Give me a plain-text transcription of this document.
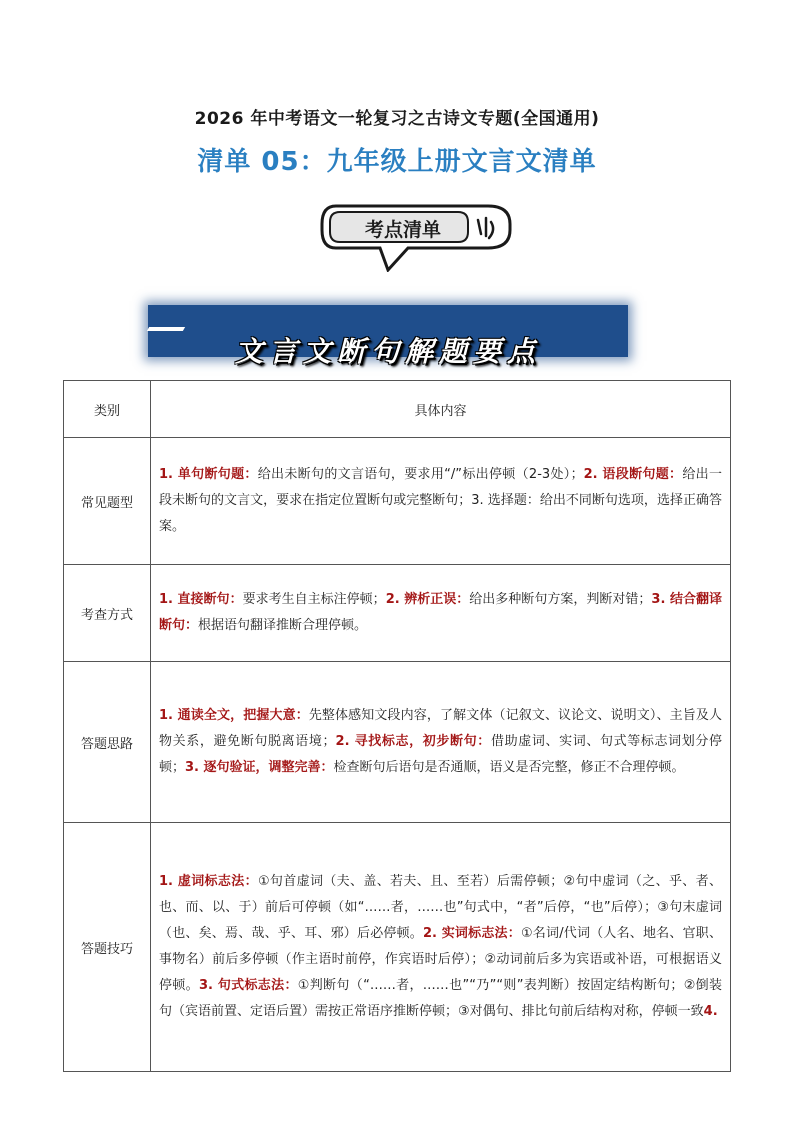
2026 年中考语文一轮复习之古诗文专题(全国通用)
清单 05：九年级上册文言文清单
考点清单
文言文断句解题要点
类别	具体内容
常见题型	1. 单句断句题：给出未断句的文言语句，要求用“/”标出停顿（2-3处）；2. 语段断句题：给出一段未断句的文言文，要求在指定位置断句或完整断句；3. 选择题：给出不同断句选项，选择正确答案。
考查方式	1. 直接断句：要求考生自主标注停顿；2. 辨析正误：给出多种断句方案，判断对错；3. 结合翻译断句：根据语句翻译推断合理停顿。
答题思路	1. 通读全文，把握大意：先整体感知文段内容，了解文体（记叙文、议论文、说明文）、主旨及人物关系，避免断句脱离语境；2. 寻找标志，初步断句：借助虚词、实词、句式等标志词划分停顿；3. 逐句验证，调整完善：检查断句后语句是否通顺，语义是否完整，修正不合理停顿。
答题技巧	1. 虚词标志法：①句首虚词（夫、盖、若夫、且、至若）后需停顿；②句中虚词（之、乎、者、也、而、以、于）前后可停顿（如“……者，……也”句式中，“者”后停，“也”后停）；③句末虚词（也、矣、焉、哉、乎、耳、邪）后必停顿。2. 实词标志法：①名词/代词（人名、地名、官职、事物名）前后多停顿（作主语时前停，作宾语时后停）；②动词前后多为宾语或补语，可根据语义停顿。3. 句式标志法：①判断句（“……者，……也”“乃”“则”表判断）按固定结构断句；②倒装句（宾语前置、定语后置）需按正常语序推断停顿；③对偶句、排比句前后结构对称，停顿一致4.
